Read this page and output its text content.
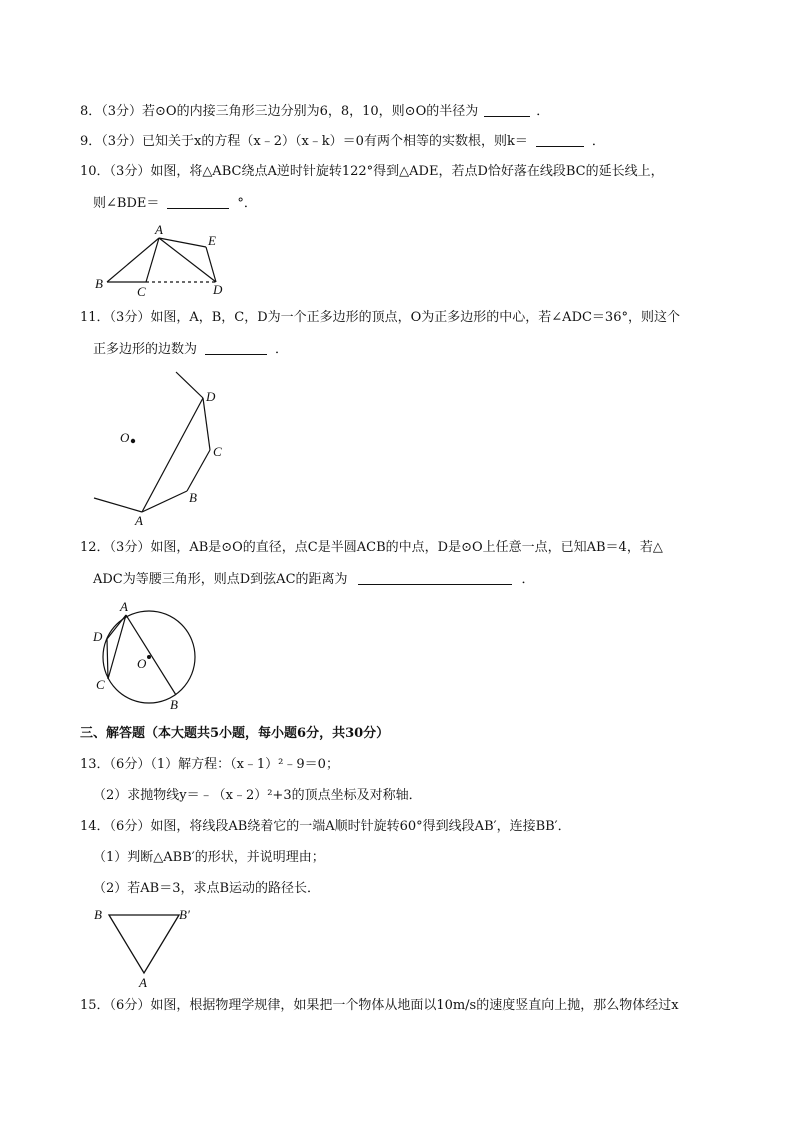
8．（3分）若⊙O的内接三角形三边分别为6，8，10，则⊙O的半径为	．
9．（3分）已知关于x的方程（x﹣2）（x﹣k）＝0有两个相等的实数根，则k＝	．
10．（3分）如图，将△ABC绕点A逆时针旋转122°得到△ADE，若点D恰好落在线段BC的延长线上，
则∠BDE＝	°．
A
E
B
C	D
11．（3分）如图，A，B，C，D为一个正多边形的顶点，O为正多边形的中心，若∠ADC＝36°，则这个
正多边形的边数为	．
D
O
C
B
A
12．（3分）如图，AB是⊙O的直径，点C是半圆ACB的中点，D是⊙O上任意一点，已知AB＝4，若△
ADC为等腰三角形，则点D到弦AC的距离为	．
A
D
O
C
B
三、解答题（本大题共5小题，每小题6分，共30分）
13．（6分）（1）解方程：（x﹣1）²﹣9＝0；
（2）求抛物线y＝﹣（x﹣2）²+3的顶点坐标及对称轴．
14．（6分）如图，将线段AB绕着它的一端A顺时针旋转60°得到线段AB′，连接BB′．
（1）判断△ABB′的形状，并说明理由；
（2）若AB＝3，求点B运动的路径长．
B	B′
A
15．（6分）如图，根据物理学规律，如果把一个物体从地面以10m/s的速度竖直向上抛，那么物体经过x
